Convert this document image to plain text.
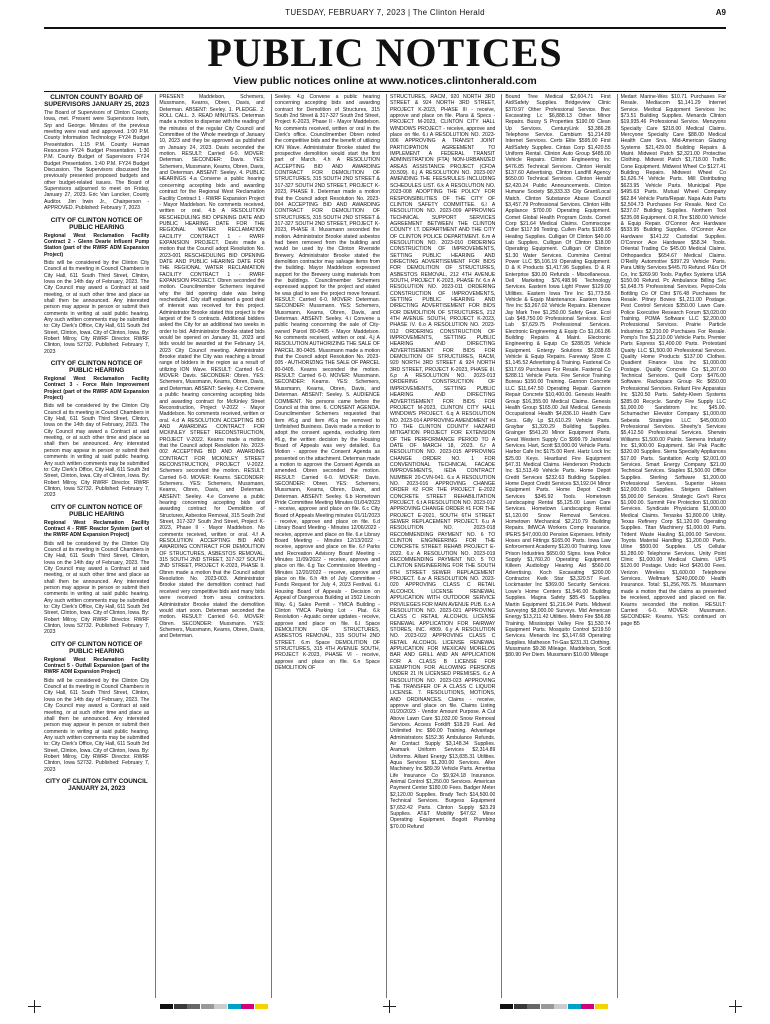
TUESDAY, FEBRUARY 7, 2023 | The Clinton Herald	A9
PUBLIC NOTICES
View public notices online at www.notices.clintonherald.com
CLINTON COUNTY BOARD OF SUPERVISORS JANUARY 25, 2023

The Board of Supervisors of Clinton County, Iowa, met. Present were Supervisors Irwin, Srp and George. Minutes of the previous meeting were read and approved. 1:00 P.M. County Information Technology FY24 Budget Presentation. 1:15 P.M. County Human Resources FY24 Budget Presentation. 1:30 P.M. County Budget of Supervisors FY24 Budget Presentation. 1:40 P.M. FY24 Budget Discussion. The Supervisors discussed the previously presented proposed budgets and other budget-related issues. The Board of Supervisors adjourned to meet on Friday, January 27, 2023. Eric Van Lancker, County Auditor. Jim Irwin Jr., Chairperson - APPROVED. Published: February 7, 2023

CITY OF CLINTON NOTICE OF PUBLIC HEARING

Regional West Reclamation Facility Contract 2 - Glenn Dearie Influent Pump Station (part of the RWRF ADM Expansion Project)

Bids will be considered by the Clinton City Council at its meeting in Council Chambers in City Hall, 611 South Third Street, Clinton, Iowa on the 14th day of February, 2023. The City Council may award a Contract at said meeting, or at such other time and place as shall then be announced. Any interested person may appear in person or submit their comments in writing at said public hearing. Any such written comments may be submitted to: City Clerk's Office, City Hall, 611 South 3rd Street, Clinton, Iowa. City of Clinton, Iowa. By: Robert Milroy, City RWRF Director. RWRF Clinton, Iowa 52732. Published: February 7, 2023

CITY OF CLINTON NOTICE OF PUBLIC HEARING

Regional West Reclamation Facility Contract 3 - Force Main Improvement Project (part of the RWRF ADM Expansion Project)

Bids will be considered by the Clinton City Council at its meeting in Council Chambers in City Hall, 611 South Third Street, Clinton, Iowa on the 14th day of February, 2023. The City Council may award a Contract at said meeting, or at such other time and place as shall then be announced. Any interested person may appear in person or submit their comments in writing at said public hearing. Any such written comments may be submitted to: City Clerk's Office, City Hall, 611 South 3rd Street, Clinton, Iowa. City of Clinton, Iowa. By: Robert Milroy, City RWRF Director. RWRF Clinton, Iowa 52732. Published: February 7, 2023

CITY OF CLINTON NOTICE OF PUBLIC HEARING

Regional West Reclamation Facility Contract 4 - RWF Reactor System (part of the RWRF ADM Expansion Project)

Bids will be considered by the Clinton City Council at its meeting in Council Chambers in City Hall, 611 South Third Street, Clinton, Iowa on the 14th day of February, 2023. The City Council may award a Contract at said meeting, or at such other time and place as shall then be announced. Any interested person may appear in person or submit their comments in writing at said public hearing. Any such written comments may be submitted to: City Clerk's Office, City Hall, 611 South 3rd Street, Clinton, Iowa. City of Clinton, Iowa. By: Robert Milroy, City RWRF Director. RWRF Clinton, Iowa 52732. Published: February 7, 2023

CITY OF CLINTON NOTICE OF PUBLIC HEARING

Regional West Reclamation Facility Contract 5 - Outfall Expansion (part of the RWRF ADM Expansion Project)

Bids will be considered by the Clinton City Council at its meeting in Council Chambers in City Hall, 611 South Third Street, Clinton, Iowa on the 14th day of February, 2023. The City Council may award a Contract at said meeting, or at such other time and place as shall then be announced. Any interested person may appear in person or submit their comments in writing at said public hearing. Any such written comments may be submitted to: City Clerk's Office, City Hall, 611 South 3rd Street, Clinton, Iowa. City of Clinton, Iowa. By: Robert Milroy, City RWRF Director. RWRF Clinton, Iowa 52732. Published: February 7, 2023

CITY OF CLINTON CITY COUNCIL JANUARY 24, 2023

PRESENT: Maddelson, Schemers, Mussmann, Kearns, Obren, Davis, and Determan. ABSENT: Seeley. 1. PLEDGE. 2. ROLL CALL. 3. READ MINUTES. Determan made a motion to dispense with the reading of the minutes of the regular City Council and Committee of the Whole meetings of January 10, 2023 and they be approved as published on January 24, 2023. Davis seconded the motion. RESULT: Carried 6-0. MOVER: Determan. SECONDER: Davis. YES: Schemers, Mussmann, Kearns, Obren, Davis, and Determan. ABSENT: Seeley. 4. PUBLIC HEARINGS 4.a Convene a public hearing concerning accepting bids and awarding contract for the Regional West Reclamation Facility Contract 1 - RWRF Expansion Project - Mayor Maddelson. No comments received, written or oral. 4.b A RESOLUTION RESCHEDULING BID OPENING DATE AND PUBLIC HEARING DATE FOR THE REGIONAL WATER RECLAMATION FACILITY CONTRACT 1 - RWRF EXPANSION PROJECT. Davis made a motion that the Council adopt Resolution No. 2023-001 RESCHEDULING BID OPENING DATE AND PUBLIC HEARING DATE FOR THE REGIONAL WATER RECLAMATION FACILITY CONTRACT 1 - RWRF EXPANSION PROJECT. Obren seconded the motion. Councilmember Schemers inquired why the bid opening date was being rescheduled. City staff explained a good deal of interest was received for this project. Administrator Brooke stated this project is the largest of the 5 contracts. Additional bidders asked the City for an additional two weeks in order to bid. Administrator Brooke stated bids would be opened on January 31, 2023 and bids would be awarded at the February 14, 2023 City Council meeting. Administrator Brooke stated the City was reaching a broad range of bidders in the region as a result of utilizing ION Wave. RESULT: Carried 6-0. MOVER: Davis. SECONDER: Obren. YES: Schemers, Mussmann, Kearns, Obren, Davis, and Determan. ABSENT: Seeley. 4.c Convene a public hearing concerning accepting bids and awarding contract for McKinley Street Reconstruction, Project V-2022 - Mayor Maddelson. No comments received, written or oral. 4.d A RESOLUTION ACCEPTING BID AND AWARDING CONTRACT FOR MCKINLEY STREET RECONSTRUCTION, PROJECT V-2022. Kearns made a motion that the Council adopt Resolution No. 2023-002 ACCEPTING BID AND AWARDING CONTRACT FOR MCKINLEY STREET RECONSTRUCTION, PROJECT V-2022. Schemers seconded the motion. RESULT: Carried 6-0. MOVER: Kearns. SECONDER: Schemers. YES: Schemers, Mussmann, Kearns, Obren, Davis, and Determan. ABSENT: Seeley. 4.e Convene a public hearing concerning accepting bids and awarding contract for Demolition of Structures, Asbestos Removal, 315 South 2nd Street, 317-327 South 2nd Street, Project K-2023, Phase II - Mayor Maddelson. No comments received, written or oral. 4.f A RESOLUTION ACCEPTING BID AND AWARDING CONTRACT FOR DEMOLITION OF STRUCTURES, ASBESTOS REMOVAL, 315 SOUTH 2ND STREET, 317-327 SOUTH 2ND STREET, PROJECT K-2023, PHASE II. Obren made a motion that the Council adopt Resolution No. 2023-003. Administrator Brooke stated the demolition contract had received very competitive bids and many bids were received from area contractors. Administrator Brooke stated the demolition would start soon. Determan seconded the motion. RESULT: Carried 6-0. MOVER: Obren. SECONDER: Mussmann. YES: Schemers, Mussmann, Kearns, Obren, Davis, and Determan.

Seeley. 4.g Convene a public hearing concerning accepting bids and awarding contract for Demolition of Structures, 315 South 2nd Street & 317-327 South 2nd Street, Project K-2023, Phase II - Mayor Maddelson. No comments received, written or oral in the Clerk's office. Councilmember Obren noted the competitive bids and the benefit of utilizing ION Wave. Administrator Brooke stated the prospective demolition would start the first part of March. 4.h A RESOLUTION ACCEPTING BID AND AWARDING CONTRACT FOR DEMOLITION OF STRUCTURES, 315 SOUTH 2ND STREET & 317-327 SOUTH 2ND STREET, PROJECT K-2023, PHASE II. Determan made a motion that the Council adopt Resolution No. 2023-004 ACCEPTING BID AND AWARDING CONTRACT FOR DEMOLITION OF STRUCTURES, 315 SOUTH 2ND STREET & 317-327 SOUTH 2ND STREET, PROJECT K-2023, PHASE II. Mussmann seconded the motion. Administrator Brooke stated asbestos had been removed from the building and would be used by the Clinton Riverside Brewery. Administrator Brooke stated the demolition contractor may salvage items from the building. Mayor Maddelson expressed support for the Brewery using materials from the buildings. Councilmember Schemers expressed support for the project and stated he was glad to see the project move forward. RESULT: Carried 6-0. MOVER: Determan. SECONDER: Mussmann. YES: Schemers, Mussmann, Kearns, Obren, Davis, and Determan. ABSENT: Seeley. 4.i Convene a public hearing concerning the sale of City-owned Parcel 80-0405 - Mayor Maddelson. No comments received, written or oral. 4.j A RESOLUTION AUTHORIZING THE SALE OF PARCEL 80-0405. Mussmann made a motion that the Council adopt Resolution No. 2023-005 - AUTHORIZING THE SALE OF PARCEL 80-0405. Kearns seconded the motion. RESULT: Carried 6-0. MOVER: Mussmann. SECONDER: Kearns. YES: Schemers, Mussmann, Kearns, Obren, Davis, and Determan. ABSENT: Seeley. 5. AUDIENCE COMMENT. No persons came before the Council at this time. 6. CONSENT AGENDA. Councilmember Schemers requested that item #6.g and item #6.q be removed to Unfinished Business. Davis made a motion to adopt the consent agenda, excluding item #6.g, the written decision by the Housing Board of Appeals was very detailed. 6.a Motion - approve the Consent Agenda as presented on the attachment. Determan made a motion to approve the Consent Agenda as amended. Obren seconded the motion. RESULT: Carried 6-0. MOVER: Davis. SECONDER: Obren. YES: Schemers, Mussmann, Kearns, Obren, Davis, and Determan. ABSENT: Seeley. 6.b Hometown Pride Committee Meeting Minutes 01/04/2023 - receive, approve and place on file. 6.c City Board of Appeals Meeting minutes 01/11/2023 - receive, approve and place on file. 6.d Library Board Meeting - Minutes 12/06/2022 - receive, approve and place on file. 6.e Library Board Meeting - Minutes 12/13/2022 - receive, approve and place on file. 6.f Parks and Recreation Advisory Board Meeting - Minutes 11/09/2022 - receive, approve and place on file. 6.g Tax Commission Meeting - Minutes 12/20/2022 - receive, approve and place on file. 6.h 4th of July Committee - Funds Request for July 4, 2023 Festival. 6.i Housing Board of Appeals - Decision on Appeal of Dangerous Building at 1502 Lincoln Way. 6.j Sales Permit - YMCA Building - Clinton YMCA Parking Lot - Plat. 6.k Resolution - Aquatic center updates - receive, approve and place on file. 6.l Space DEMOLITION OF STRUCTURES, ASBESTOS REMOVAL, 315 SOUTH 2ND STREET. 6.m Space DEMOLITION OF STRUCTURES, 315 4TH AVENUE SOUTH, PROJECT K-2023, PHASE VI - receive, approve and place on file. 6.n Space DEMOLITION OF

STRUCTURES, RACM, 920 NORTH 3RD STREET & 924 NORTH 3RD STREET, PROJECT K-2023, PHASE III - receive, approve and place on file. Plans & Specs - PROJECT M-2023, CLINTON CITY HALL WINDOWS PROJECT - receive, approve and place on file. 6.i A RESOLUTION NO. 2023-006 APPROVING A TRANSIT JOINT PARTICIPATION AGREEMENT TO IMPLEMENT A FEDERAL TRANSIT ADMINISTRATION (FTA) NON-URBANIZED AREAS ASSISTANCE PROJECT (CFDA 20.509). 6.j A RESOLUTION NO. 2023-007 AMENDING THE FEES/RULES INCLUDING SCHEDULES LIST. 6.k A RESOLUTION NO. 2023-008 ADOPTING THE POLICY FOR RESPONSIBILITIES OF THE CITY OF CLINTON SAFETY COMMITTEE. 6.l A RESOLUTION NO. 2023-009 APPROVING TECHNICAL SUPPORT SERVICES AGREEMENT BETWEEN THE CLINTON COUNTY I.T. DEPARTMENT AND THE CITY OF CLINTON POLICE DEPARTMENT. 6.m A RESOLUTION NO. 2023-010 ORDERING CONSTRUCTION OF IMPROVEMENTS, SETTING PUBLIC HEARING AND DIRECTING ADVERTISEMENT FOR BIDS FOR DEMOLITION OF STRUCTURES, ASBESTOS REMOVAL, 212 4TH AVENUE SOUTH, PROJECT K-2023, PHASE IV. 6.n A RESOLUTION NO. 2023-011 ORDERING CONSTRUCTION OF IMPROVEMENTS, SETTING PUBLIC HEARING AND DIRECTING ADVERTISEMENT FOR BIDS FOR DEMOLITION OF STRUCTURES, 212 4TH AVENUE SOUTH, PROJECT K-2023, PHASE IV. 6.o A RESOLUTION NO. 2023-012 ORDERING CONSTRUCTION OF IMPROVEMENTS, SETTING PUBLIC HEARING AND DIRECTING ADVERTISEMENT FOR BIDS FOR DEMOLITION OF STRUCTURES, RACM, 920 NORTH 3RD STREET & 924 NORTH 3RD STREET, PROJECT K-2023, PHASE III. 6.p A RESOLUTION NO. 2023-013 ORDERING CONSTRUCTION OF IMPROVEMENTS, SETTING PUBLIC HEARING AND DIRECTING ADVERTISEMENT FOR BIDS FOR PROJECT M-2023, CLINTON CITY HALL WINDOWS PROJECT. 6.q A RESOLUTION NO. 2023-014 APPROVING AMENDMENT #4 TO THE CLINTON COUNTY HAZARD MITIGATION PROJECT FOR EXTENSION OF THE PERFORMANCE PERIOD TO A DATE OF MARCH 18, 2023. 6.r A RESOLUTION NO. 2023-015 APPROVING CHANGE ORDER NO. 1 FOR CONVENTIONAL TECHNICAL FACADE IMPROVEMENTS, IEDA CONTRACT NUMBER 20-CVN-041. 6.s A RESOLUTION NO. 2023-016 APPROVING CHANGE ORDER #2 FOR THE PROJECT E-2022 CONCRETE STREET REHABILITATION PROJECT. 6.t A RESOLUTION NO. 2023-017 APPROVING CHANGE ORDER #1 FOR THE PROJECT E-2021, SOUTH 6TH STREET SEWER REPLACEMENT PROJECT. 6.u A RESOLUTION NO. 2023-018 RECOMMENDING PAYMENT NO. 6 TO CLINTON ENGINEERING FOR THE CONCRETE STREET REHAB PROJECT E-2022. 6.v A RESOLUTION NO. 2023-019 RECOMMENDING PAYMENT NO. 5 TO CLINTON ENGINEERING FOR THE SOUTH 6TH STREET SEWER REPLACEMENT PROJECT. 6.w A RESOLUTION NO. 2023-020 APPROVING CLASS C RETAIL ALCOHOL LICENSE RENEWAL APPLICATION WITH OUTDOOR SERVICE PRIVILEGES FOR MAIN AVENUE PUB. 6.x A RESOLUTION NO. 2023-021 APPROVING CLASS C RETAIL ALCOHOL LICENSE RENEWAL APPLICATION FOR FAIRWAY STORES, INC. #809. 6.y A RESOLUTION NO. 2023-022 APPROVING CLASS C RETAIL ALCOHOL LICENSE RENEWAL APPLICATION FOR MEXICAN MORELOS BAR AND GRILL AND AN APPLICATION FOR A CLASS B LICENSE FOR EXEMPTION FOR ALLOWING PERSONS UNDER 21 IN LICENSED PREMISES. 6.z A RESOLUTION NO. 2023-023 APPROVING THE TRANSFER OF A CLASS C LIQUOR LICENSE. 7. RESOLUTIONS, MOTIONS, AND ORDINANCES. Claims - receive, approve and place on file. Claims Listing 01/20/2023 - Vendor Amount Purpose. A Cut Above Lawn Care $1,032.00 Snow Removal Services. Access Forklift $18.29 Fuel. Aid Unlimited Inc $90.00 Training. Advantage Administrators $152.36 Ambulance Refunds. Air Contact Supply $3,148.34 Supplies. Aramark Uniform Services $2,314.89 Uniforms. Alliant Energy $13,835.31 Utilities. Aqua Services $1,200.00 Services. Alter Machinery Inc $89.39 Vehicle Parts. Ameritas Life Insurance Co $9,924.18 Insurance. Animal Control $1,250.00 Services. American Payment Center $180.00 Fees. Badger Meter $2,120.00 Supplies. Brady Tech $14,500.00 Technical Services. Burgess Equipment $7,652.42 Parts. Clinton Supply $23.29 Supplies. AT&T Mobility $47.62 Minor Operating Equipment. Bogott Plumbing $70.00 Refund

Bound Tree Medical $2,604.71 First Aid/Safety Supplies. Bridgeview Clinic $370.97 Other Professional Service. Bwc Excavating Lc $6,888.13 Other Minor Repairs. Bussy S Properties $190.00 Clean Up Services. CenturyLink $3,386.28 Telephone Service. Cambium $1,214.89 Internet Services. Certs Elite $595.00 First Aid/Safety Supplies. Cintas Corp $1,420.55 Uniform Rental. Clinton Auto Group $485.00 Vehicle Repairs. Clinton Engineering Inc $476.85 Technical Services. Clinton Herald $137.60 Advertising. Clinton Landfill Agency $650.00 Technical Services. Clinton Herald $2,420.24 Public Announcements. Clinton Humane Society $8,333.33 City Grant/Local Match. Clinton Substance Abuse Council $3,457.79 Professional Services. Clinton Hills Appliance $700.00 Operating Equipment. Comet Global Health Program Costs. Comet Corp $21.64 Medical Claims. Commscope Cutler $117.99 Testing. Cullen Parts $108.65 Heating Supplies. Culligan Of Clinton $40.00 Lab Supplies. Culligan Of Clinton $18.00 Operating Equipment. Culligan Of Clinton $1.30 Water Services. Cummins Central Power LLC $5,106.19 Operating Equipment. D & K Products $1,417.96 Supplies. D & R Enterprise $30.00 Refunds - Miscellaneous. Dell Marketing $76,498.96 Technology Services. Eastern Iowa Light Power $129.00 Utilities. Eastern Iowa Tire Inc $1,773.56 Vehicle & Equip Maintenance. Eastern Iowa Tire Inc $3,267.02 Vehicle Repairs. Ebenezer Jay Mark Tree $1,250.00 Safety Gear. Ecol Lab $48,750.00 Professional Services. Ecol Lab $7,629.75 Professional Services. Electronic Engineering & Equip Co $1,061.86 Building Repairs & Maint. Electronic Engineering & Equip Co $288.05 Vehicle Equipment. Entergy Solutions $5,038.65 Vehicle & Equip Repairs. Fareway Store C $1,145.52 Advertising & Training. Fastenal Co $317.69 Purchases For Resale. Fastenal Co $288.11 Vehicle Parts. Fire Service Training Bureau $150.00 Training. Gannon Concrete LLC $11,647.50 Operating Repair. Gannon Repair Concrete $10,400.00. Genesis Health Group $16,355.00 Medical Claims. Genesis Health Group $165.00 Jail Medical. Genesis Occupational Health $4,836.10 Health Care Svcs. Gilly Lp $1,610.29 Vehicle Parts. Graybar $1,320.29 Building Supplies. Grainger $541.20 Minor Equipment Parts. Great Western Supply Co $999.79 Janitorial Services. Hart, Scott $3,000.00 Vehicle Parts. Harbor Cafe Inc $175.00 Rent. Hartz Lock Inc $25.00 Keys. Heartland Fire Equipment $47.31 Medical Claims. Henderson Products Inc $1,513.49 Vehicle Parts. Home Depot Credit Services $232.63 Building Supplies. Home Depot Credit Services $3,192.04 Minor Equipment Parts. Home Depot Credit Services $345.92 Tools. Hometown Landscaping Rental $5,125.00 Lawn Care Services. Hometown Landscaping Rental $1,120.00 Snow Removal Services. Hometown Mechanical $2,210.79 Building Repairs. IMWCA Workers Comp Insurance. IPERS $47,000.00 Pension Expenses. Infinity Hoses and Fittings $165.00 Parts. Iowa Law Enforcement Academy $120.00 Training. Iowa Prison Industries $650.00 Signs. Iowa Police Supply $1,760.20 Operating Equipment. Killeen Audiology Hearing Aid $560.00 Advertising. Koch Excavating $200.00 Contractor. Kwik Star $3,320.57 Fuel. Lockmaster Inc $369.00 Security Services. Lowe's Home Centers $1,546.00 Building Supplies. Magna Safety $85.45 Supplies. Martin Equipment $1,216.94 Parts. Midwest Surveying $8,000.00 Surveys. Mid American Energy $13,211.42 Utilities. Metro Fire $56.88 Training. Mississippi Valley Fire $1,530.74 Equipment Parts. Mosquito Control $219.50 Services. Menards Inc $3,147.68 Operating Supplies. Matheson Tri-Gas $231.31 Clothing. Mussmann $9.38 Mileage. Maddelson, Scott $80.90 Per Diem. Mussmann $10.00 Mileage

Medart Marine-Wes $10.71 Purchases For Resale. Mediacom $1,141.29 Internet Service. Medical Equipment Services Inc $73.51 Building Supplies. Menards Clinton $19,935.46 Professional Service. Menzyons Specialty Care $218.00 Medical Claims. Mercyone Specialty Care $88.00 Medical Health Care Srvs. Mid-American Glazing Systems $21,429.00 Building Repairs & Maint. Midwest Patch $2,321.00 Protective Clothing. Midwest Patch $1,718.00 Traffic Cone Equipment. Midwest Wheel Co $127.41 Building Repairs. Midwest Wheel Co $1,626.74 Vehicle Parts. Mill Distributing $623.95 Vehicle Parts. Municipal Pipe $495.63 Parts. Mutual Wheel Company $62.84 Vehicle Parts/Repair. Napa Auto Parts $2,504.73 Purchases For Resale. Next Co $237.07 Building Supplies. Northern Tool $235.08 Equipment. O.R.Tire $180.00 Vehicle & Equip Repair. O'Connor Ace Hardware $533.95 Building Supplies. O'Connor Ace Hardware $141.22 Custodial Supplies. O'Connor Ace Hardware $58.34 Tools. Oriental Trading Co $45.00 Medical Claims. Orthopaedics $654.67 Medical Claims. O'Reilly Automotive $397.29 Vehicle Parts. Para Utility Services $445.70 Refund. P&rs Of Co, Inc $269.90 Tools. Payflex Systems USA $150.00 Refund. Pc Ambulance Billing Svc $1,648.75 Professional Services. Pepsi-Cola Bottling Co Of Clint $76.48 Purchases for Resale. Pitney Bowes $1,211.00 Postage. Pest Control Services $350.00 Lawn Care. Police Executive Research Forum $3,020.00 Training. POMA Software LLC $2,200.00 Professional Services. Prairie Particle Industries $2,210.00 Purchases For Resale. Pomp's Tire $1,210.00 Vehicle Parts. Premier Parts Express $1,400.00 Parts. Protestant Quaity LLC $1,500.00 Professional Services. Quality Home Products $137.00 Clothes. Quadient Finance Usa Inc $1,000.00 Postage. Quality Concrete Co $1,207.00 Technical Services. Quill Corp $476.00 Software. Rackspace Group Rc $650.00 Professional Services. Reliant Fire Apparatus Inc $120.50 Parts. Safety-Kleen Systems $285.00 Recycle. Sandry Fire Supply LLC $1,000.00 Sandstrom Inc $45.00. Schumacher Elevator Company $1,000.00 Sebesta Strategies LLC $45,000.00 Professional Services. Sheehy's Services $5,412.50 Professional Services. Sherwin Williams $1,500.00 Paints. Siemens Industry Inc $1,900.00 Equipment. Ski Pak Pacific $320.00 Supplies. Sierra Specialty Appliances $17.00 Parts. Sanitation Acctg $2,001.00 Services. Smart Energy Company $21.00 Technical Services. Staples $1,500.00 Office Supplies. Sterling Software $1,200.00 Professional Services. Superior Hoses $12,000.00 Supplies. Steigers Dahleen $5,000.00 Services. Strategic Gov't Rsrcs $1,000.00. Summit Fire Protection $1,000.00 Services. Syndicate Physicians $1,000.00 Medical Claims. Tenaska $1,800.00 Utility. Texas Refinery Corp $1,120.00 Operating Supplies. Titan Machinery $1,000.00 Parts. Trident Waste Hauling $1,000.00 Services. Toyota Material Handling $1,200.00 Parts. Uline $500.00 Supplies. US Cellular $1,280.00 Telephone Services. Unity Point Clinic $1,000.00 Medical Claims. UPS $120.00 Postage. Usdc Hcd $420.00 Fees. Verizon Wireless $1,600.00 Telephone Services. Wellmark $240,000.00 Health Insurance. Total: $1,256,765.75. Mussmann made a motion that the claims as presented be received, approved and placed on file. Kearns seconded the motion. RESULT: Carried 6-0. MOVER: Mussmann. SECONDER: Kearns. YES: continued on page B5
